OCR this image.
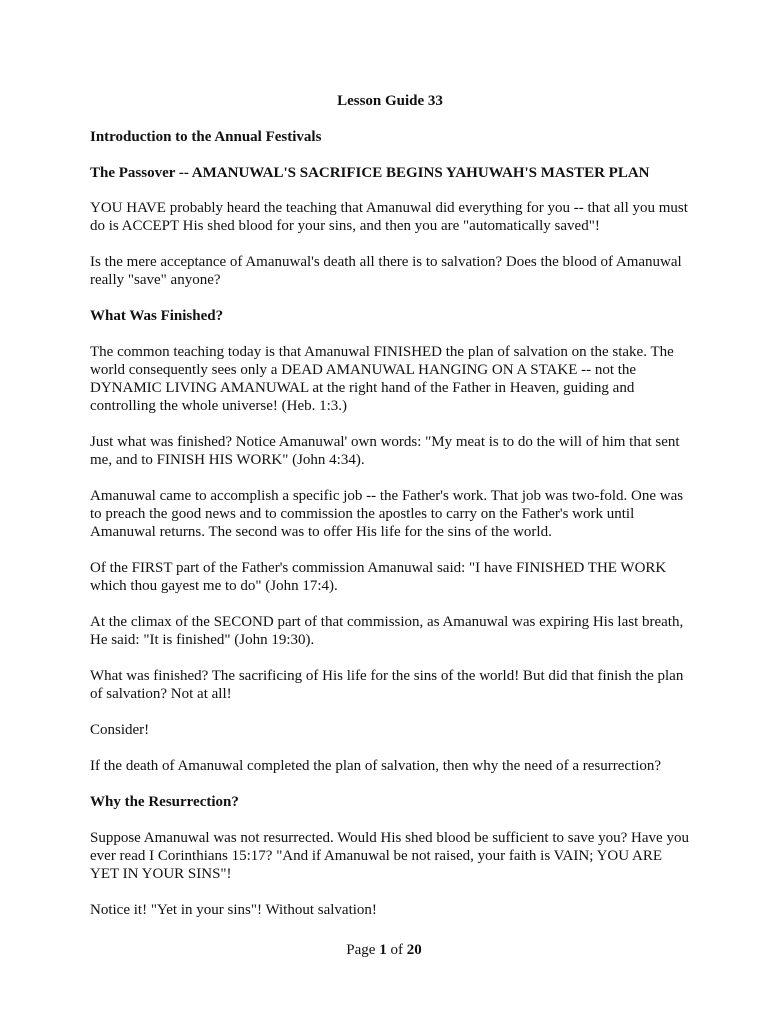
Lesson Guide 33
Introduction to the Annual Festivals
The Passover -- AMANUWAL'S SACRIFICE BEGINS YAHUWAH'S MASTER PLAN

YOU HAVE probably heard the teaching that Amanuwal did everything for you -- that all you must do is ACCEPT His shed blood for your sins, and then you are "automatically saved"!

Is the mere acceptance of Amanuwal's death all there is to salvation? Does the blood of Amanuwal really "save" anyone?

What Was Finished?

The common teaching today is that Amanuwal FINISHED the plan of salvation on the stake. The world consequently sees only a DEAD AMANUWAL HANGING ON A STAKE -- not the DYNAMIC LIVING AMANUWAL at the right hand of the Father in Heaven, guiding and controlling the whole universe! (Heb. 1:3.)

Just what was finished? Notice Amanuwal' own words: "My meat is to do the will of him that sent me, and to FINISH HIS WORK" (John 4:34).

Amanuwal came to accomplish a specific job -- the Father's work. That job was two-fold. One was to preach the good news and to commission the apostles to carry on the Father's work until Amanuwal returns. The second was to offer His life for the sins of the world.

Of the FIRST part of the Father's commission Amanuwal said: "I have FINISHED THE WORK which thou gayest me to do" (John 17:4).

At the climax of the SECOND part of that commission, as Amanuwal was expiring His last breath, He said: "It is finished" (John 19:30).

What was finished? The sacrificing of His life for the sins of the world! But did that finish the plan of salvation? Not at all!

Consider!

If the death of Amanuwal completed the plan of salvation, then why the need of a resurrection?

Why the Resurrection?

Suppose Amanuwal was not resurrected. Would His shed blood be sufficient to save you? Have you ever read I Corinthians 15:17? "And if Amanuwal be not raised, your faith is VAIN; YOU ARE YET IN YOUR SINS"!

Notice it! "Yet in your sins"! Without salvation!

Page 1 of 20
